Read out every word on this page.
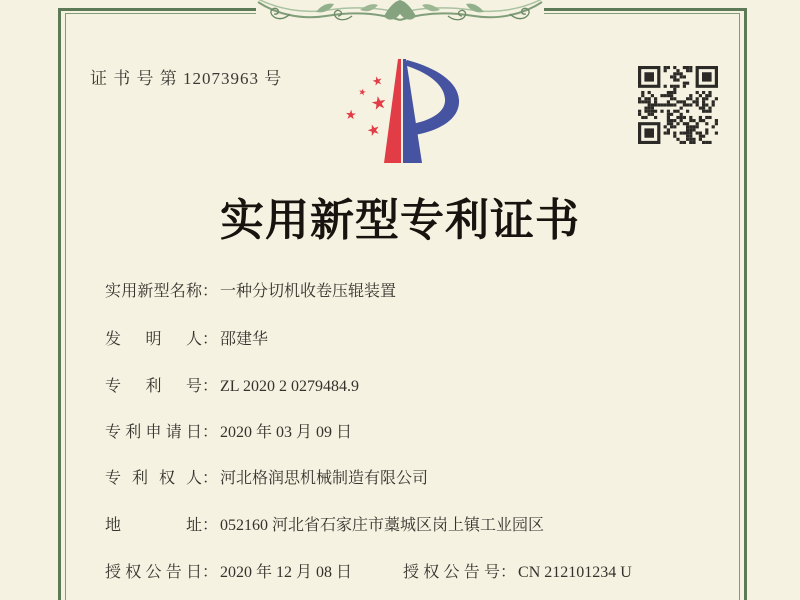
证 书 号 第 12073963 号	★
★ ★
★
★
实用新型专利证书
实用新型名称： 一种分切机收卷压辊装置
发 明 人： 邵建华
专 利 号： ZL 2020 2 0279484.9
专利申请日： 2020 年 03 月 09 日
专 利 权 人： 河北格润思机械制造有限公司
地 址： 052160 河北省石家庄市藁城区岗上镇工业园区
授权公告日： 2020 年 12 月 08 日	授权公告号： CN 212101234 U
